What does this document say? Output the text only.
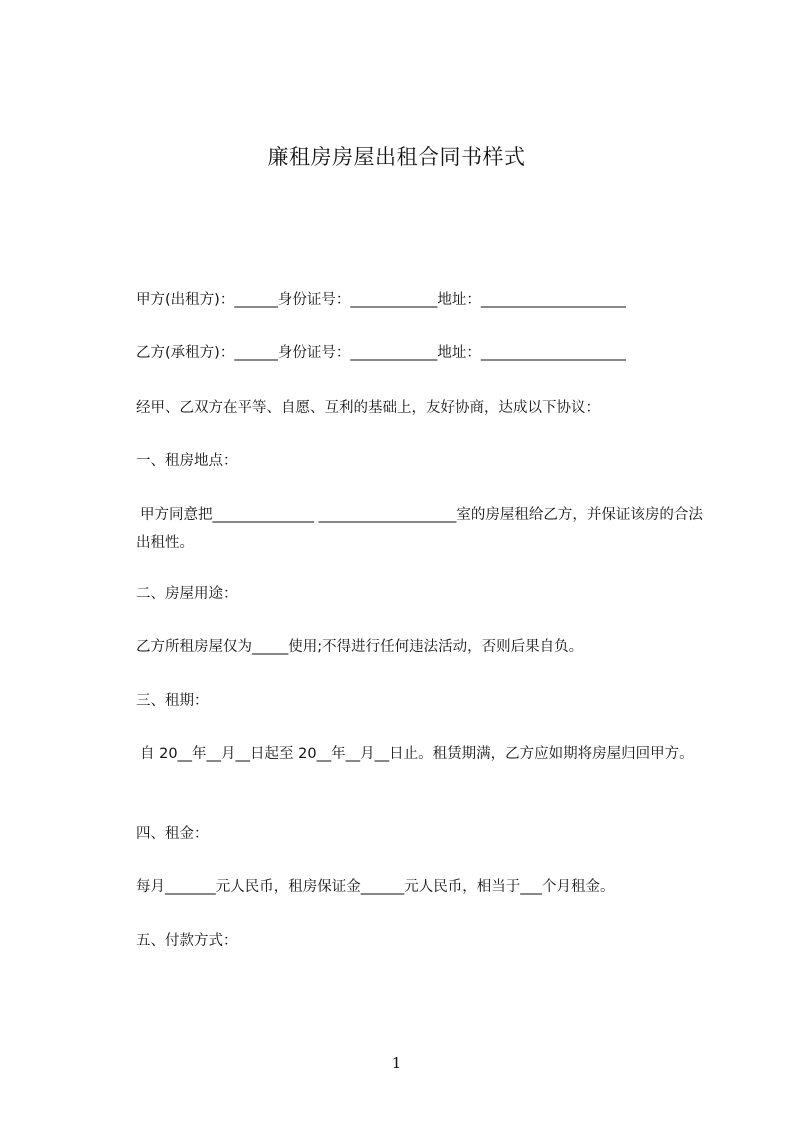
廉租房房屋出租合同书样式
甲方(出租方)：______身份证号：____________地址：____________________
乙方(承租方)：______身份证号：____________地址：____________________
经甲、乙双方在平等、自愿、互利的基础上，友好协商，达成以下协议：
一、租房地点：
甲方同意把______________ ___________________室的房屋租给乙方，并保证该房的合法出租性。
二、房屋用途：
乙方所租房屋仅为_____使用;不得进行任何违法活动，否则后果自负。
三、租期：
自 20__年__月__日起至 20__年__月__日止。租赁期满，乙方应如期将房屋归回甲方。
四、租金：
每月_______元人民币，租房保证金______元人民币，相当于___个月租金。
五、付款方式：
1
